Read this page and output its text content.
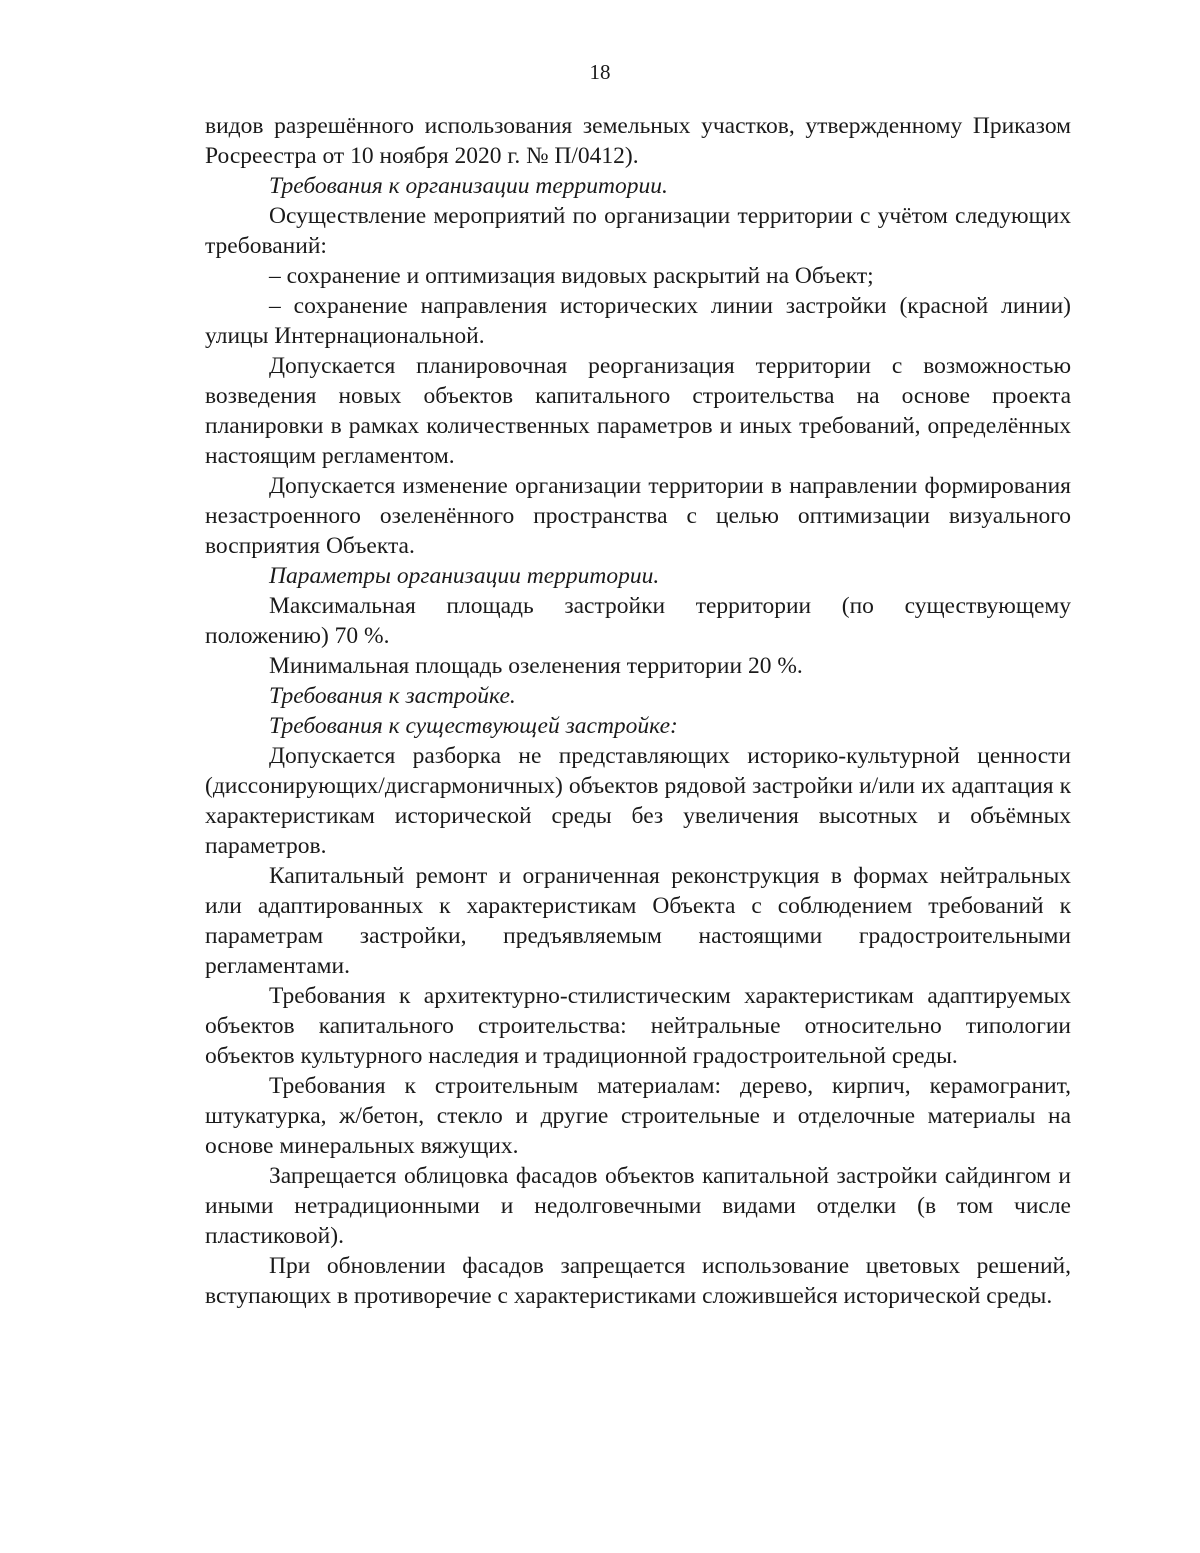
18

видов разрешённого использования земельных участков, утвержденному Приказом Росреестра от 10 ноября 2020 г. № П/0412).

Требования к организации территории.

Осуществление мероприятий по организации территории с учётом следующих требований:

– сохранение и оптимизация видовых раскрытий на Объект;

– сохранение направления исторических линии застройки (красной линии) улицы Интернациональной.

Допускается планировочная реорганизация территории с возможностью возведения новых объектов капитального строительства на основе проекта планировки в рамках количественных параметров и иных требований, определённых настоящим регламентом.

Допускается изменение организации территории в направлении формирования незастроенного озеленённого пространства с целью оптимизации визуального восприятия Объекта.

Параметры организации территории.

Максимальная площадь застройки территории (по существующему положению) 70 %.

Минимальная площадь озеленения территории 20 %.

Требования к застройке.

Требования к существующей застройке:

Допускается разборка не представляющих историко-культурной ценности (диссонирующих/дисгармоничных) объектов рядовой застройки и/или их адаптация к характеристикам исторической среды без увеличения высотных и объёмных параметров.

Капитальный ремонт и ограниченная реконструкция в формах нейтральных или адаптированных к характеристикам Объекта с соблюдением требований к параметрам застройки, предъявляемым настоящими градостроительными регламентами.

Требования к архитектурно-стилистическим характеристикам адаптируемых объектов капитального строительства: нейтральные относительно типологии объектов культурного наследия и традиционной градостроительной среды.

Требования к строительным материалам: дерево, кирпич, керамогранит, штукатурка, ж/бетон, стекло и другие строительные и отделочные материалы на основе минеральных вяжущих.

Запрещается облицовка фасадов объектов капитальной застройки сайдингом и иными нетрадиционными и недолговечными видами отделки (в том числе пластиковой).

При обновлении фасадов запрещается использование цветовых решений, вступающих в противоречие с характеристиками сложившейся исторической среды.
